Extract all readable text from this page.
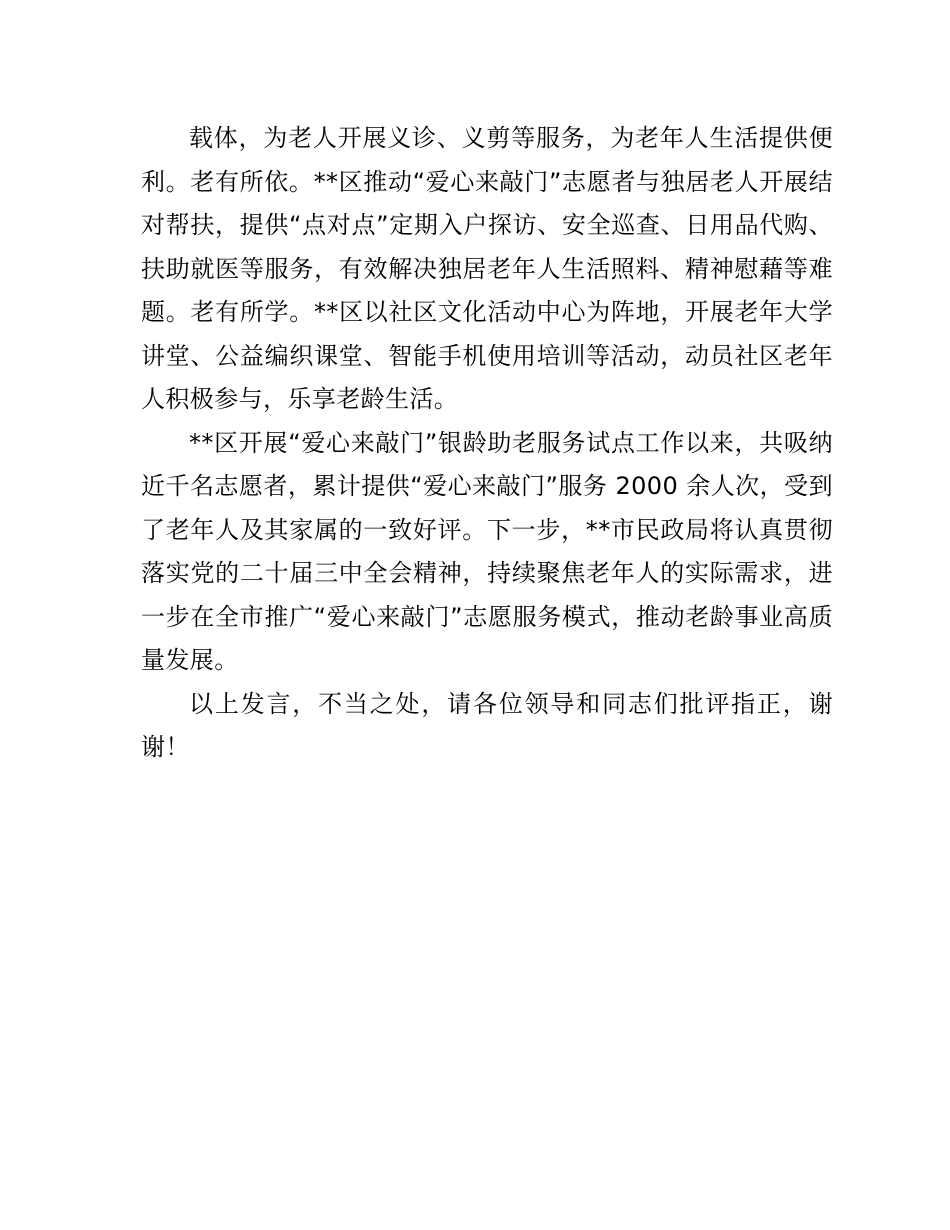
载体，为老人开展义诊、义剪等服务，为老年人生活提供便利。老有所依。**区推动“爱心来敲门”志愿者与独居老人开展结对帮扶，提供“点对点”定期入户探访、安全巡查、日用品代购、扶助就医等服务，有效解决独居老年人生活照料、精神慰藉等难题。老有所学。**区以社区文化活动中心为阵地，开展老年大学讲堂、公益编织课堂、智能手机使用培训等活动，动员社区老年人积极参与，乐享老龄生活。

**区开展“爱心来敲门”银龄助老服务试点工作以来，共吸纳近千名志愿者，累计提供“爱心来敲门”服务 2000 余人次，受到了老年人及其家属的一致好评。下一步，**市民政局将认真贯彻落实党的二十届三中全会精神，持续聚焦老年人的实际需求，进一步在全市推广“爱心来敲门”志愿服务模式，推动老龄事业高质量发展。

以上发言，不当之处，请各位领导和同志们批评指正，谢谢！
